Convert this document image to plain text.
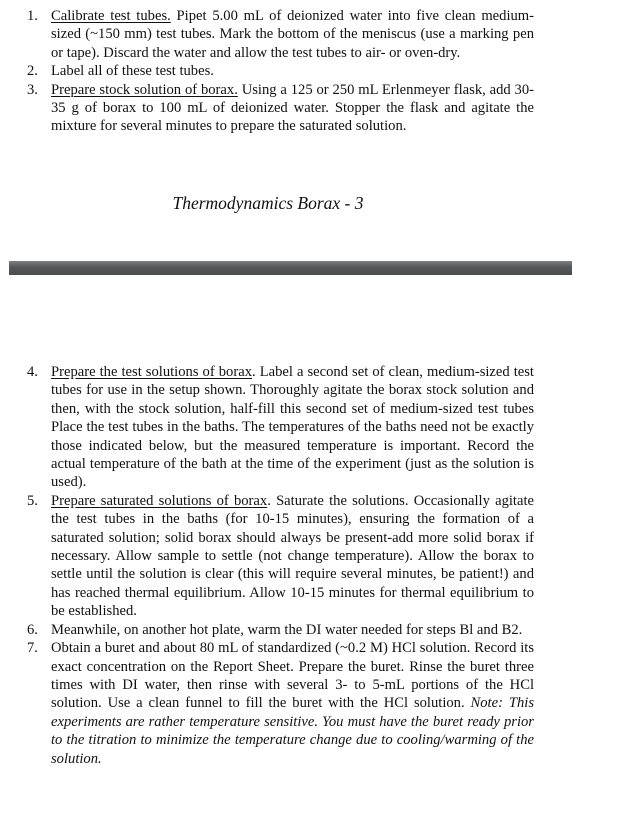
1. Calibrate test tubes. Pipet 5.00 mL of deionized water into five clean medium-sized (~150 mm) test tubes. Mark the bottom of the meniscus (use a marking pen or tape). Discard the water and allow the test tubes to air- or oven-dry.
2. Label all of these test tubes.
3. Prepare stock solution of borax. Using a 125 or 250 mL Erlenmeyer flask, add 30-35 g of borax to 100 mL of deionized water. Stopper the flask and agitate the mixture for several minutes to prepare the saturated solution.
Thermodynamics Borax - 3
4. Prepare the test solutions of borax. Label a second set of clean, medium-sized test tubes for use in the setup shown. Thoroughly agitate the borax stock solution and then, with the stock solution, half-fill this second set of medium-sized test tubes Place the test tubes in the baths. The temperatures of the baths need not be exactly those indicated below, but the measured temperature is important. Record the actual temperature of the bath at the time of the experiment (just as the solution is used).
5. Prepare saturated solutions of borax. Saturate the solutions. Occasionally agitate the test tubes in the baths (for 10-15 minutes), ensuring the formation of a saturated solution; solid borax should always be present-add more solid borax if necessary. Allow sample to settle (not change temperature). Allow the borax to settle until the solution is clear (this will require several minutes, be patient!) and has reached thermal equilibrium. Allow 10-15 minutes for thermal equilibrium to be established.
6. Meanwhile, on another hot plate, warm the DI water needed for steps Bl and B2.
7. Obtain a buret and about 80 mL of standardized (~0.2 M) HCl solution. Record its exact concentration on the Report Sheet. Prepare the buret. Rinse the buret three times with DI water, then rinse with several 3- to 5-mL portions of the HCl solution. Use a clean funnel to fill the buret with the HCl solution. Note: This experiments are rather temperature sensitive. You must have the buret ready prior to the titration to minimize the temperature change due to cooling/warming of the solution.
